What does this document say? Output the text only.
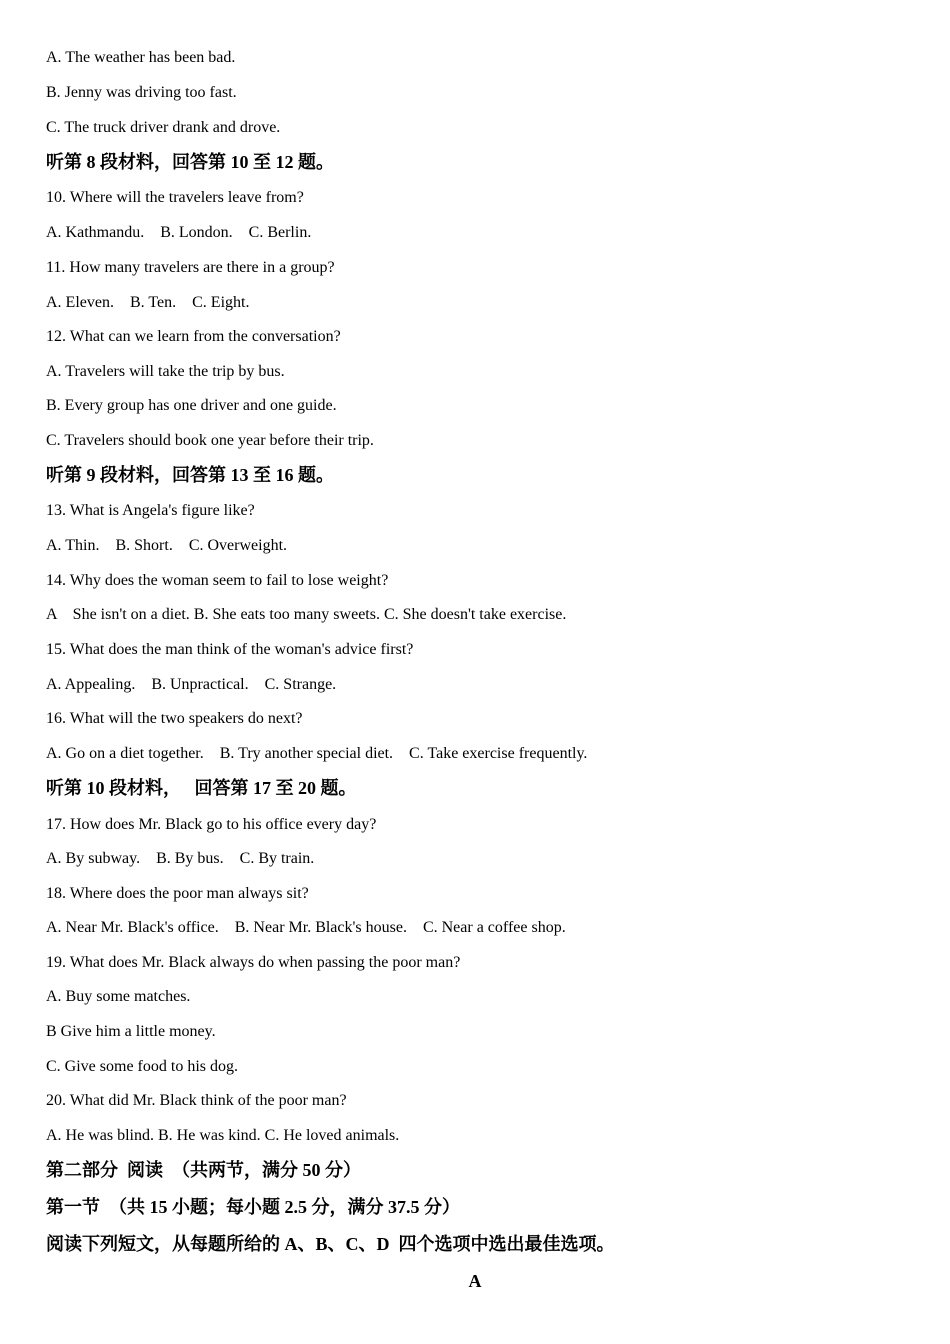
A. The weather has been bad.
B. Jenny was driving too fast.
C. The truck driver drank and drove.
听第 8 段材料，回答第 10 至 12 题。
10. Where will the travelers leave from?
A. Kathmandu.    B. London.    C. Berlin.
11. How many travelers are there in a group?
A. Eleven.    B. Ten.    C. Eight.
12. What can we learn from the conversation?
A. Travelers will take the trip by bus.
B. Every group has one driver and one guide.
C. Travelers should book one year before their trip.
听第 9 段材料，回答第 13 至 16 题。
13. What is Angela's figure like?
A. Thin.    B. Short.    C. Overweight.
14. Why does the woman seem to fail to lose weight?
A    She isn't on a diet. B. She eats too many sweets. C. She doesn't take exercise.
15. What does the man think of the woman's advice first?
A. Appealing.    B. Unpractical.    C. Strange.
16. What will the two speakers do next?
A. Go on a diet together.    B. Try another special diet.    C. Take exercise frequently.
听第 10 段材料，   回答第 17 至 20 题。
17. How does Mr. Black go to his office every day?
A. By subway.    B. By bus.    C. By train.
18. Where does the poor man always sit?
A. Near Mr. Black's office.    B. Near Mr. Black's house.    C. Near a coffee shop.
19. What does Mr. Black always do when passing the poor man?
A. Buy some matches.
B Give him a little money.
C. Give some food to his dog.
20. What did Mr. Black think of the poor man?
A. He was blind. B. He was kind. C. He loved animals.
第二部分  阅读  （共两节，满分 50 分）
第一节  （共 15 小题；每小题 2.5 分，满分 37.5 分）
阅读下列短文，从每题所给的 A、B、C、D  四个选项中选出最佳选项。
A
